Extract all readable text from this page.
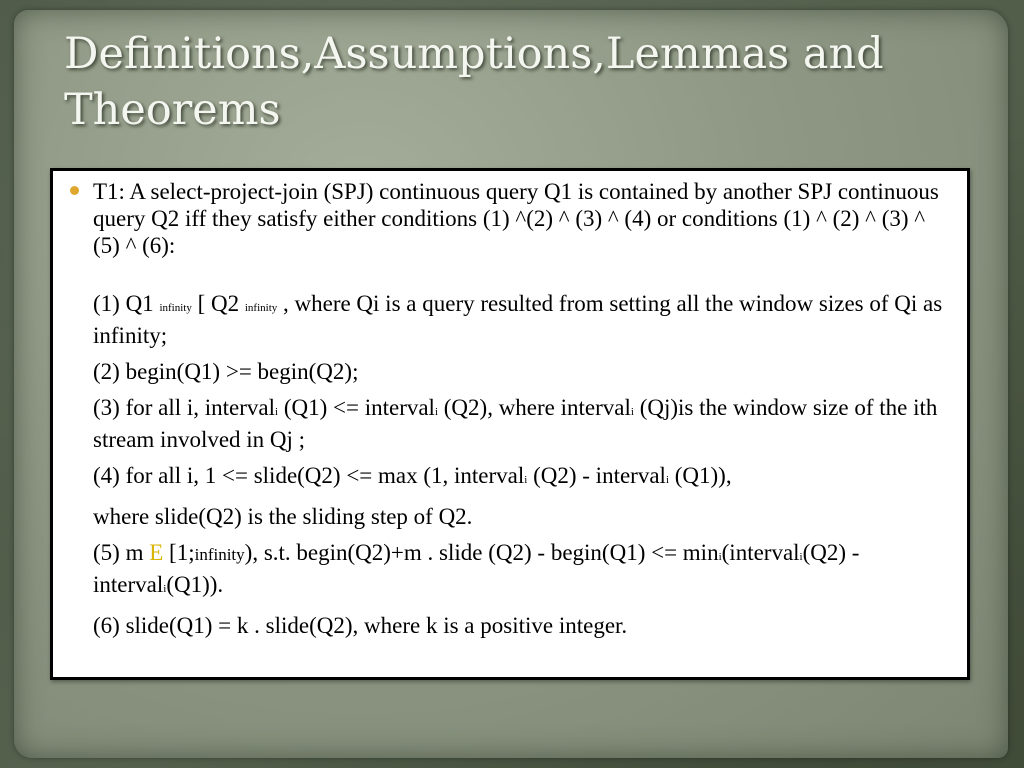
Definitions,Assumptions,Lemmas and Theorems

T1: A select-project-join (SPJ) continuous query Q1 is contained by another SPJ continuous query Q2 iff they satisfy either conditions (1) ^(2) ^ (3) ^ (4) or conditions (1) ^ (2) ^ (3) ^ (5) ^ (6):

(1) Q1 infinity [ Q2 infinity , where Qi is a query resulted from setting all the window sizes of Qi as infinity;

(2) begin(Q1) >= begin(Q2);

(3) for all i, intervali (Q1) <= intervali (Q2), where intervali (Qj)is the window size of the ith stream involved in Qj ;

(4) for all i, 1 <= slide(Q2) <= max (1, intervali (Q2) - intervali (Q1)),

where slide(Q2) is the sliding step of Q2.

(5) m E [1;infinity), s.t. begin(Q2)+m . slide (Q2) - begin(Q1) <= mini(intervali(Q2) - intervali(Q1)).

(6) slide(Q1) = k . slide(Q2), where k is a positive integer.
